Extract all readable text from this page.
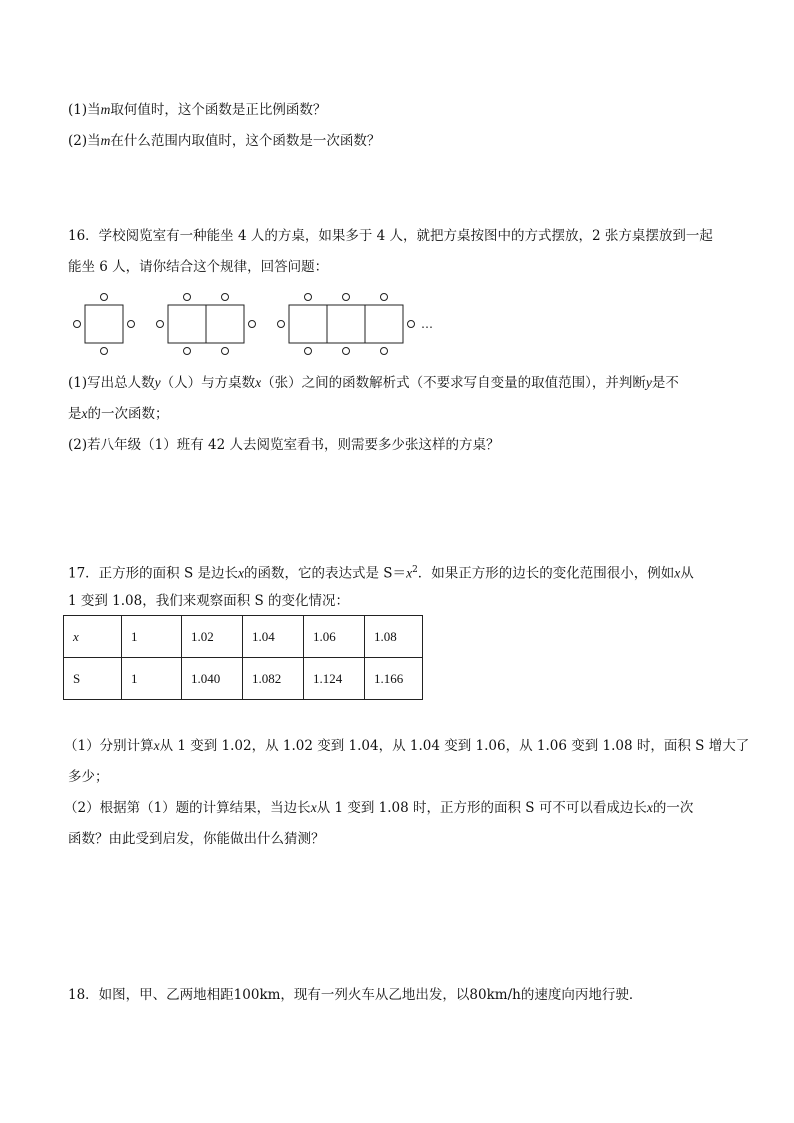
(1)当m取何值时，这个函数是正比例函数？
(2)当m在什么范围内取值时，这个函数是一次函数？
16．学校阅览室有一种能坐 4 人的方桌，如果多于 4 人，就把方桌按图中的方式摆放，2 张方桌摆放到一起
能坐 6 人，请你结合这个规律，回答问题：
…
(1)写出总人数y（人）与方桌数x（张）之间的函数解析式（不要求写自变量的取值范围），并判断y是不
是x的一次函数；
(2)若八年级（1）班有 42 人去阅览室看书，则需要多少张这样的方桌？
17．正方形的面积 S 是边长x的函数，它的表达式是 $S=x^2$．如果正方形的边长的变化范围很小，例如x从
1 变到 1.08，我们来观察面积 S 的变化情况：
x	1	1.02	1.04	1.06	1.08
S	1	1.040	1.082	1.124	1.166
（1）分别计算x从 1 变到 1.02，从 1.02 变到 1.04，从 1.04 变到 1.06，从 1.06 变到 1.08 时，面积 S 增大了
多少；
（2）根据第（1）题的计算结果，当边长x从 1 变到 1.08 时，正方形的面积 S 可不可以看成边长x的一次
函数？由此受到启发，你能做出什么猜测？
18．如图，甲、乙两地相距100km，现有一列火车从乙地出发，以80km/h的速度向丙地行驶．
